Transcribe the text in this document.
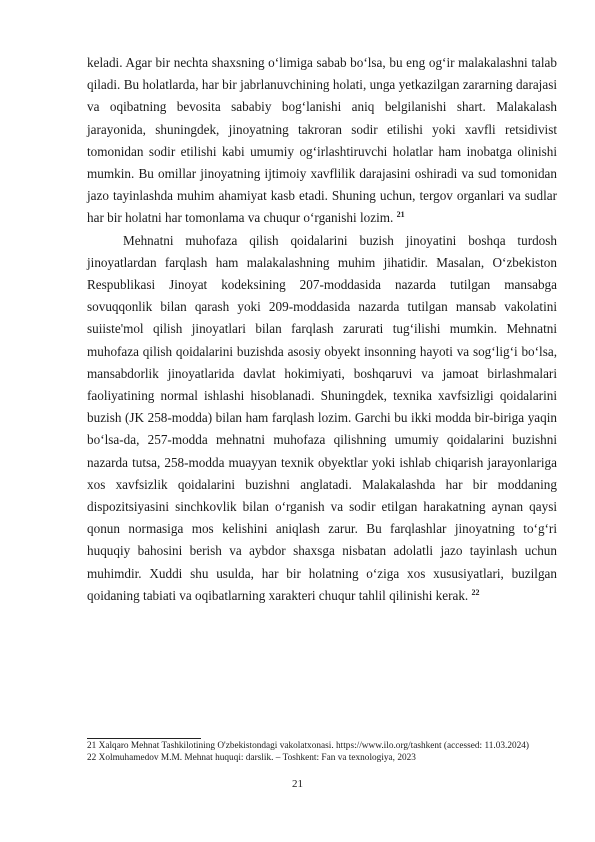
keladi. Agar bir nechta shaxsning oʻlimiga sabab boʻlsa, bu eng ogʻir malakalashni talab qiladi. Bu holatlarda, har bir jabrlanuvchining holati, unga yetkazilgan zararning darajasi va oqibatning bevosita sababiy bogʻlanishi aniq belgilanishi shart. Malakalash jarayonida, shuningdek, jinoyatning takroran sodir etilishi yoki xavfli retsidivist tomonidan sodir etilishi kabi umumiy ogʻirlashtiruvchi holatlar ham inobatga olinishi mumkin. Bu omillar jinoyatning ijtimoiy xavflilik darajasini oshiradi va sud tomonidan jazo tayinlashda muhim ahamiyat kasb etadi. Shuning uchun, tergov organlari va sudlar har bir holatni har tomonlama va chuqur oʻrganishi lozim. $^{21}$

Mehnatni muhofaza qilish qoidalarini buzish jinoyatini boshqa turdosh jinoyatlardan farqlash ham malakalashning muhim jihatidir. Masalan, Oʻzbekiston Respublikasi Jinoyat kodeksining 207-moddasida nazarda tutilgan mansabga sovuqqonlik bilan qarash yoki 209-moddasida nazarda tutilgan mansab vakolatini suiiste'mol qilish jinoyatlari bilan farqlash zarurati tugʻilishi mumkin. Mehnatni muhofaza qilish qoidalarini buzishda asosiy obyekt insonning hayoti va sogʻligʻi boʻlsa, mansabdorlik jinoyatlarida davlat hokimiyati, boshqaruvi va jamoat birlashmalari faoliyatining normal ishlashi hisoblanadi. Shuningdek, texnika xavfsizligi qoidalarini buzish (JK 258-modda) bilan ham farqlash lozim. Garchi bu ikki modda bir-biriga yaqin boʻlsa-da, 257-modda mehnatni muhofaza qilishning umumiy qoidalarini buzishni nazarda tutsa, 258-modda muayyan texnik obyektlar yoki ishlab chiqarish jarayonlariga xos xavfsizlik qoidalarini buzishni anglatadi. Malakalashda har bir moddaning dispozitsiyasini sinchkovlik bilan oʻrganish va sodir etilgan harakatning aynan qaysi qonun normasiga mos kelishini aniqlash zarur. Bu farqlashlar jinoyatning toʻgʻri huquqiy bahosini berish va aybdor shaxsga nisbatan adolatli jazo tayinlash uchun muhimdir. Xuddi shu usulda, har bir holatning oʻziga xos xususiyatlari, buzilgan qoidaning tabiati va oqibatlarning xarakteri chuqur tahlil qilinishi kerak. $^{22}$

21 Xalqaro Mehnat Tashkilotining O'zbekistondagi vakolatxonasi. https://www.ilo.org/tashkent (accessed: 11.03.2024)

22 Xolmuhamedov M.M. Mehnat huquqi: darslik. – Toshkent: Fan va texnologiya, 2023

21
